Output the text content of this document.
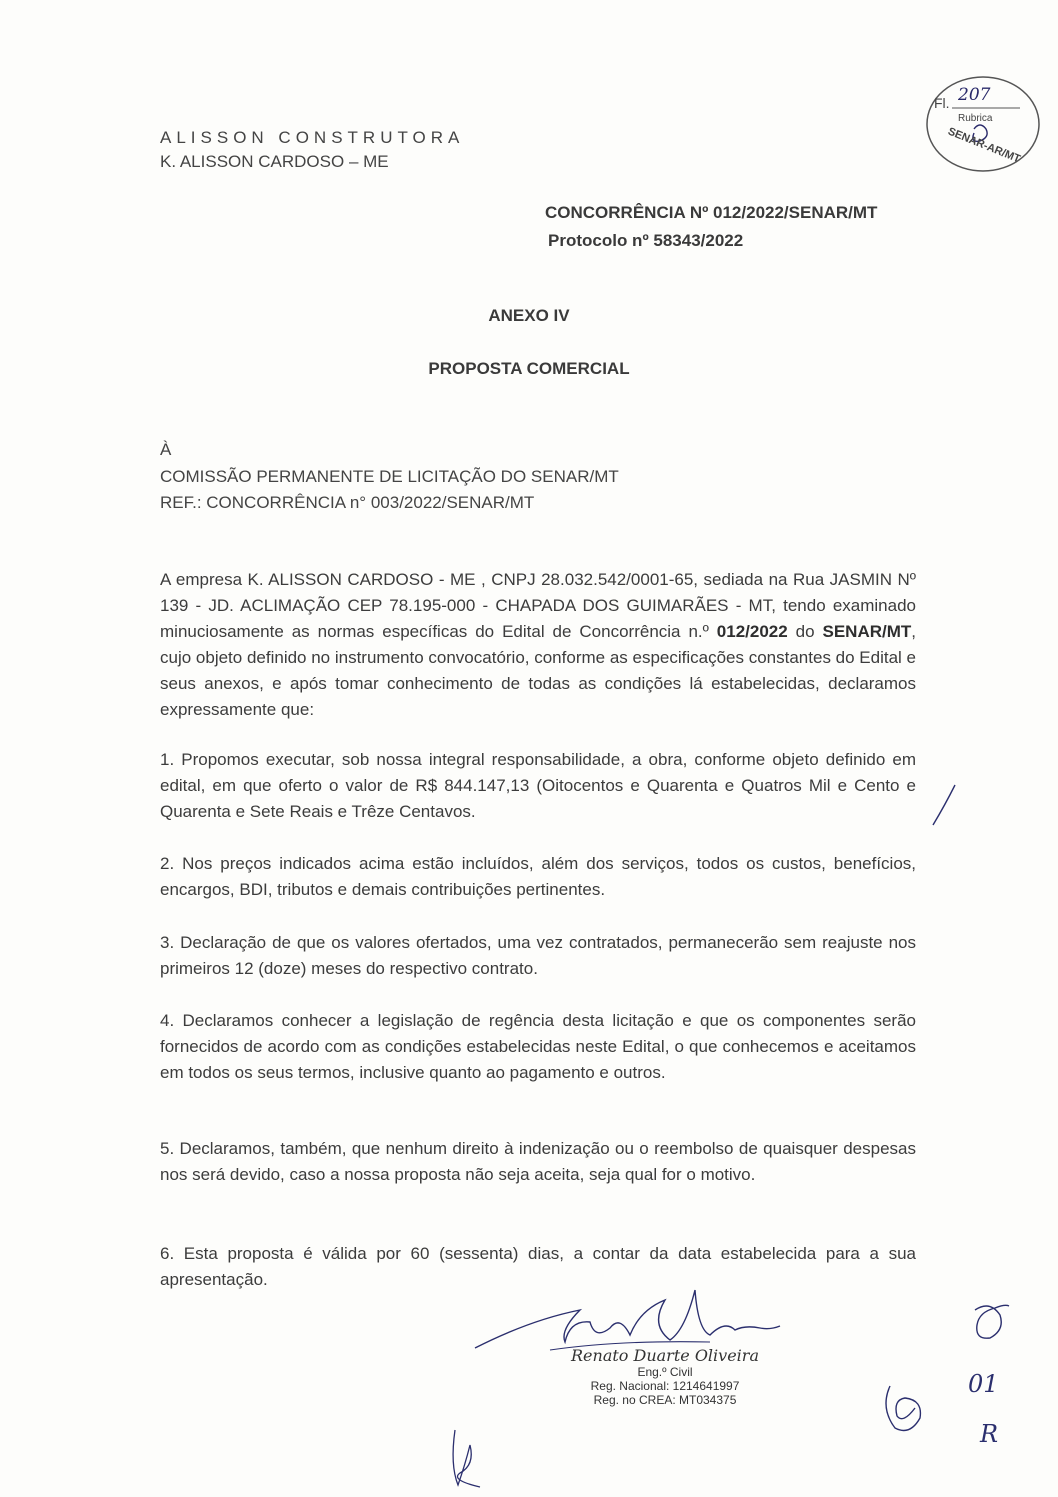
ALISSON CONSTRUTORA
K. ALISSON CARDOSO – ME
Fl. 207
Rubrica
SENAR-AR/MT
CONCORRÊNCIA Nº 012/2022/SENAR/MT
Protocolo nº 58343/2022
ANEXO IV
PROPOSTA COMERCIAL
À
COMISSÃO PERMANENTE DE LICITAÇÃO DO SENAR/MT
REF.: CONCORRÊNCIA n° 003/2022/SENAR/MT
A empresa K. ALISSON CARDOSO - ME , CNPJ 28.032.542/0001-65, sediada na Rua JASMIN Nº 139 - JD. ACLIMAÇÃO CEP 78.195-000 - CHAPADA DOS GUIMARÃES - MT, tendo examinado minuciosamente as normas específicas do Edital de Concorrência n.º 012/2022 do SENAR/MT, cujo objeto definido no instrumento convocatório, conforme as especificações constantes do Edital e seus anexos, e após tomar conhecimento de todas as condições lá estabelecidas, declaramos expressamente que:
1. Propomos executar, sob nossa integral responsabilidade, a obra, conforme objeto definido em edital, em que oferto o valor de R$ 844.147,13 (Oitocentos e Quarenta e Quatros Mil e Cento e Quarenta e Sete Reais e Trêze Centavos.
2. Nos preços indicados acima estão incluídos, além dos serviços, todos os custos, benefícios, encargos, BDI, tributos e demais contribuições pertinentes.
3. Declaração de que os valores ofertados, uma vez contratados, permanecerão sem reajuste nos primeiros 12 (doze) meses do respectivo contrato.
4. Declaramos conhecer a legislação de regência desta licitação e que os componentes serão fornecidos de acordo com as condições estabelecidas neste Edital, o que conhecemos e aceitamos em todos os seus termos, inclusive quanto ao pagamento e outros.
5. Declaramos, também, que nenhum direito à indenização ou o reembolso de quaisquer despesas nos será devido, caso a nossa proposta não seja aceita, seja qual for o motivo.
6. Esta proposta é válida por 60 (sessenta) dias, a contar da data estabelecida para a sua apresentação.
Renato Duarte Oliveira
Eng.º Civil
Reg. Nacional: 1214641997
Reg. no CREA: MT034375
01
R
